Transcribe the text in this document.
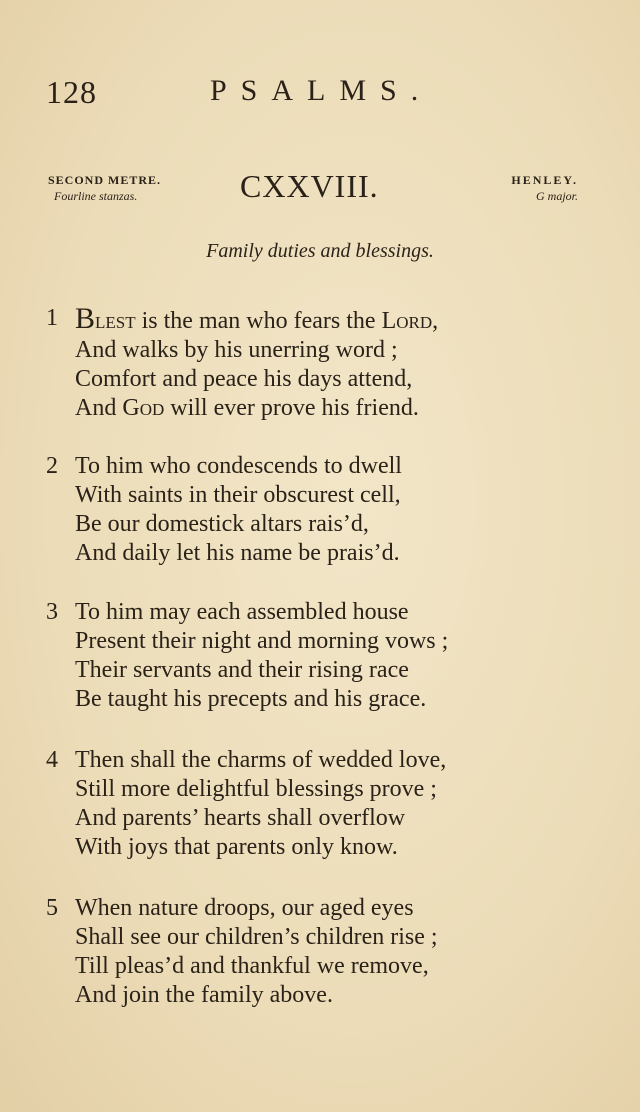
128	PSALMS.
SECOND METRE.
Fourline stanzas.	CXXVIII.	HENLEY.
G major.
Family duties and blessings.
1 Blest is the man who fears the Lord,
And walks by his unerring word ;
Comfort and peace his days attend,
And God will ever prove his friend.
2 To him who condescends to dwell
With saints in their obscurest cell,
Be our domestick altars rais’d,
And daily let his name be prais’d.
3 To him may each assembled house
Present their night and morning vows ;
Their servants and their rising race
Be taught his precepts and his grace.
4 Then shall the charms of wedded love,
Still more delightful blessings prove ;
And parents’ hearts shall overflow
With joys that parents only know.
5 When nature droops, our aged eyes
Shall see our children’s children rise ;
Till pleas’d and thankful we remove,
And join the family above.
